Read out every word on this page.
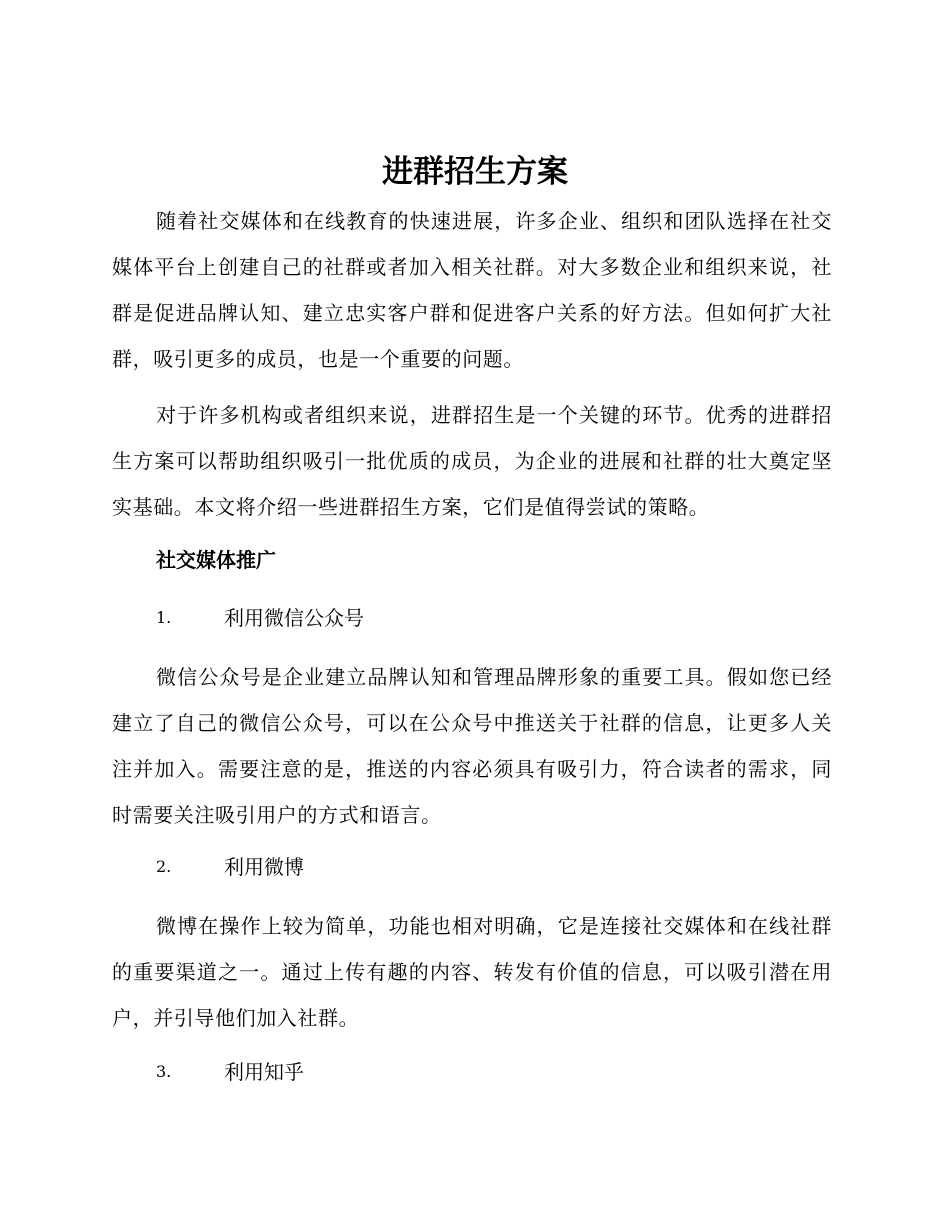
进群招生方案

随着社交媒体和在线教育的快速进展，许多企业、组织和团队选择在社交媒体平台上创建自己的社群或者加入相关社群。对大多数企业和组织来说，社群是促进品牌认知、建立忠实客户群和促进客户关系的好方法。但如何扩大社群，吸引更多的成员，也是一个重要的问题。

对于许多机构或者组织来说，进群招生是一个关键的环节。优秀的进群招生方案可以帮助组织吸引一批优质的成员，为企业的进展和社群的壮大奠定坚实基础。本文将介绍一些进群招生方案，它们是值得尝试的策略。

社交媒体推广
1.	利用微信公众号

微信公众号是企业建立品牌认知和管理品牌形象的重要工具。假如您已经建立了自己的微信公众号，可以在公众号中推送关于社群的信息，让更多人关注并加入。需要注意的是，推送的内容必须具有吸引力，符合读者的需求，同时需要关注吸引用户的方式和语言。

2.	利用微博

微博在操作上较为简单，功能也相对明确，它是连接社交媒体和在线社群的重要渠道之一。通过上传有趣的内容、转发有价值的信息，可以吸引潜在用户，并引导他们加入社群。

3.	利用知乎
